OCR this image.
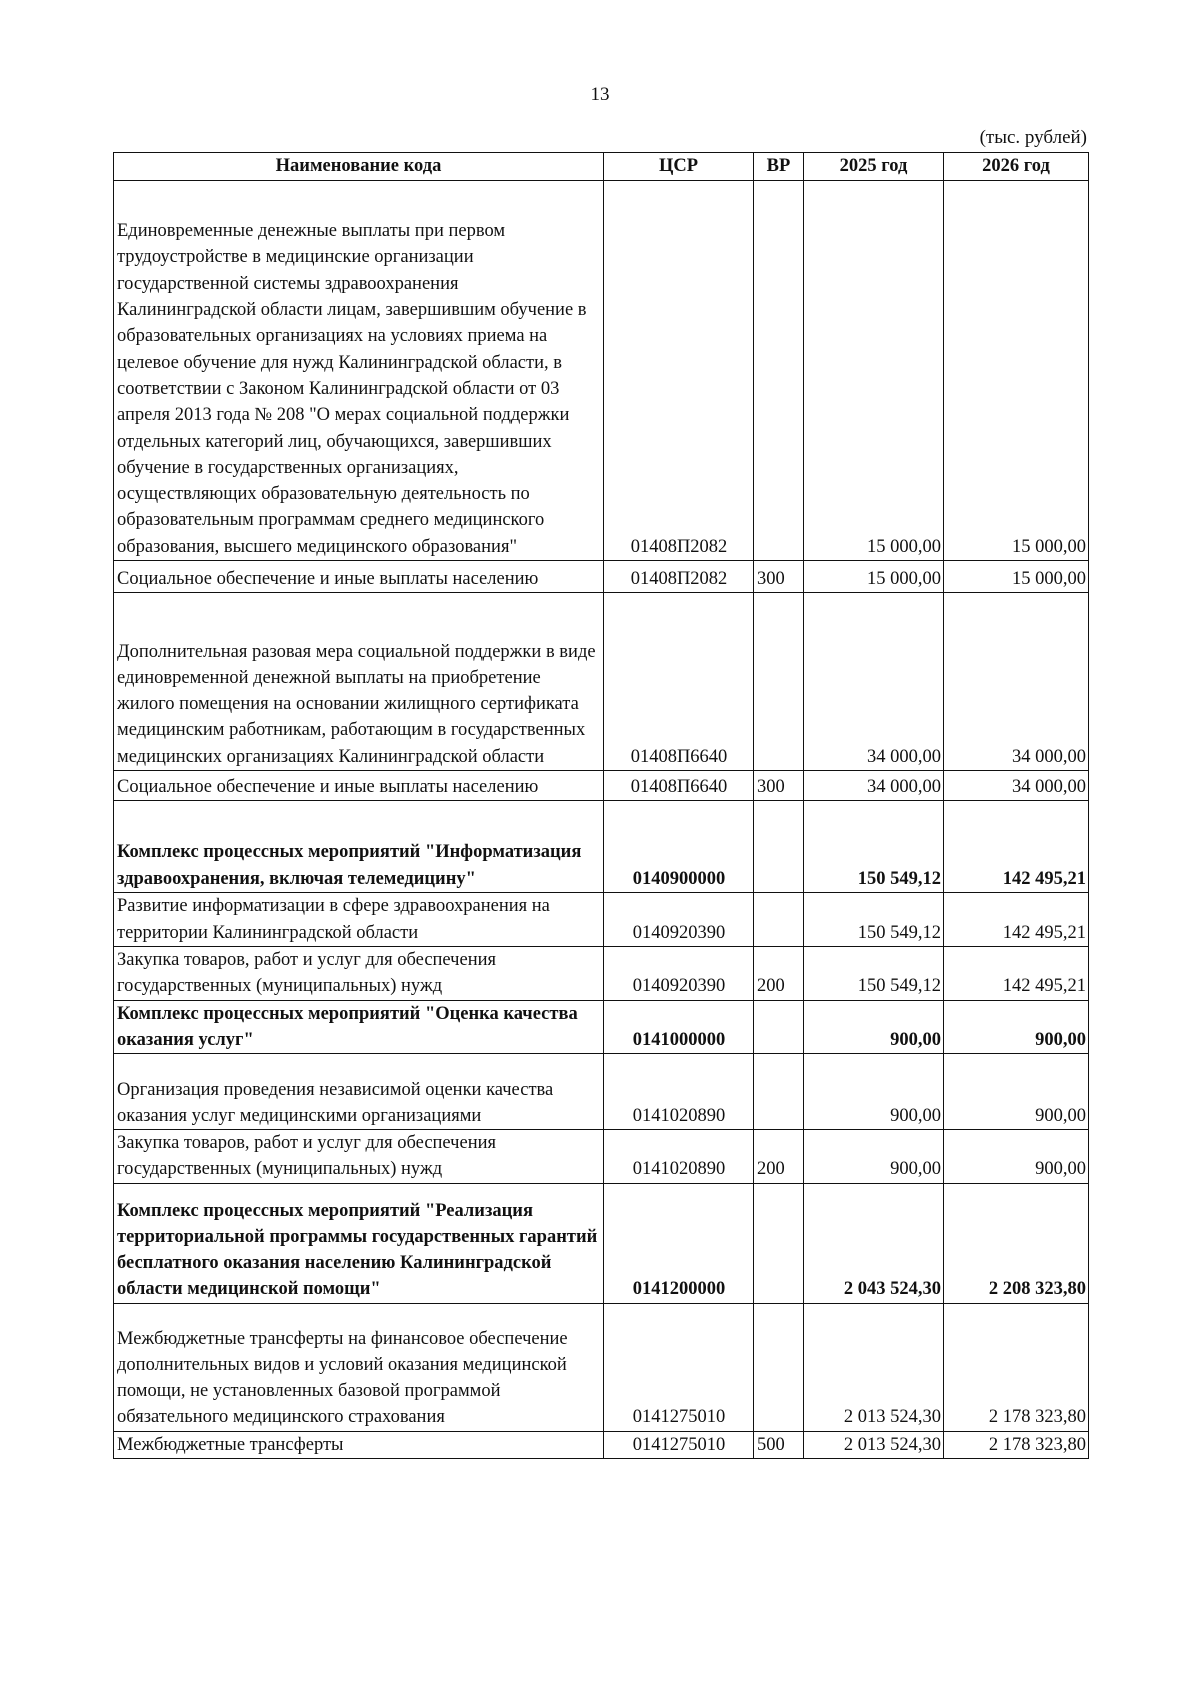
13
(тыс. рублей)
Наименование кода	ЦСР	ВР	2025 год	2026 год
Единовременные денежные выплаты при первом трудоустройстве в медицинские организации государственной системы здравоохранения Калининградской области лицам, завершившим обучение в образовательных организациях на условиях приема на целевое обучение для нужд Калининградской области, в соответствии с Законом Калининградской области от 03 апреля 2013 года № 208 "О мерах социальной поддержки отдельных категорий лиц, обучающихся, завершивших обучение в государственных организациях, осуществляющих образовательную деятельность по образовательным программам среднего медицинского образования, высшего медицинского образования"	01408П2082		15 000,00	15 000,00
Социальное обеспечение и иные выплаты населению	01408П2082	300	15 000,00	15 000,00
Дополнительная разовая мера социальной поддержки в виде единовременной денежной выплаты на приобретение жилого помещения на основании жилищного сертификата медицинским работникам, работающим в государственных медицинских организациях Калининградской области	01408П6640		34 000,00	34 000,00
Социальное обеспечение и иные выплаты населению	01408П6640	300	34 000,00	34 000,00
Комплекс процессных мероприятий "Информатизация здравоохранения, включая телемедицину"	0140900000		150 549,12	142 495,21
Развитие информатизации в сфере здравоохранения на территории Калининградской области	0140920390		150 549,12	142 495,21
Закупка товаров, работ и услуг для обеспечения государственных (муниципальных) нужд	0140920390	200	150 549,12	142 495,21
Комплекс процессных мероприятий "Оценка качества оказания услуг"	0141000000		900,00	900,00
Организация проведения независимой оценки качества оказания услуг медицинскими организациями	0141020890		900,00	900,00
Закупка товаров, работ и услуг для обеспечения государственных (муниципальных) нужд	0141020890	200	900,00	900,00
Комплекс процессных мероприятий "Реализация территориальной программы государственных гарантий бесплатного оказания населению Калининградской области медицинской помощи"	0141200000		2 043 524,30	2 208 323,80
Межбюджетные трансферты на финансовое обеспечение дополнительных видов и условий оказания медицинской помощи, не установленных базовой программой обязательного медицинского страхования	0141275010		2 013 524,30	2 178 323,80
Межбюджетные трансферты	0141275010	500	2 013 524,30	2 178 323,80
